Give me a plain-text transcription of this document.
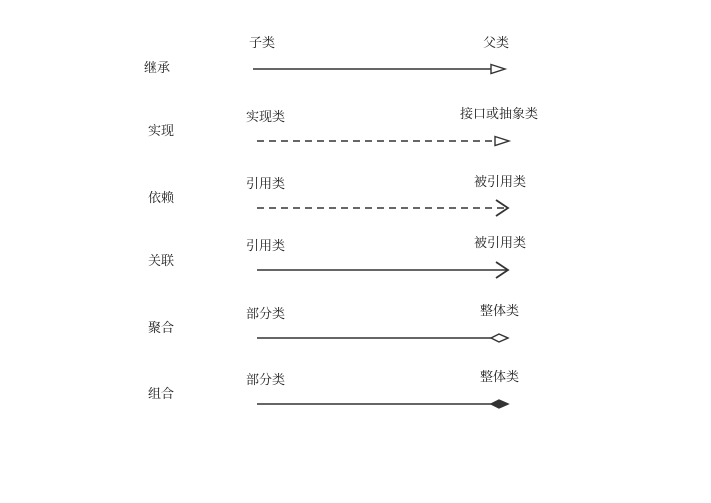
继承
子类	父类
实现
实现类	接口或抽象类
依赖
引用类	被引用类
关联
引用类	被引用类
聚合
部分类	整体类
组合
部分类	整体类
